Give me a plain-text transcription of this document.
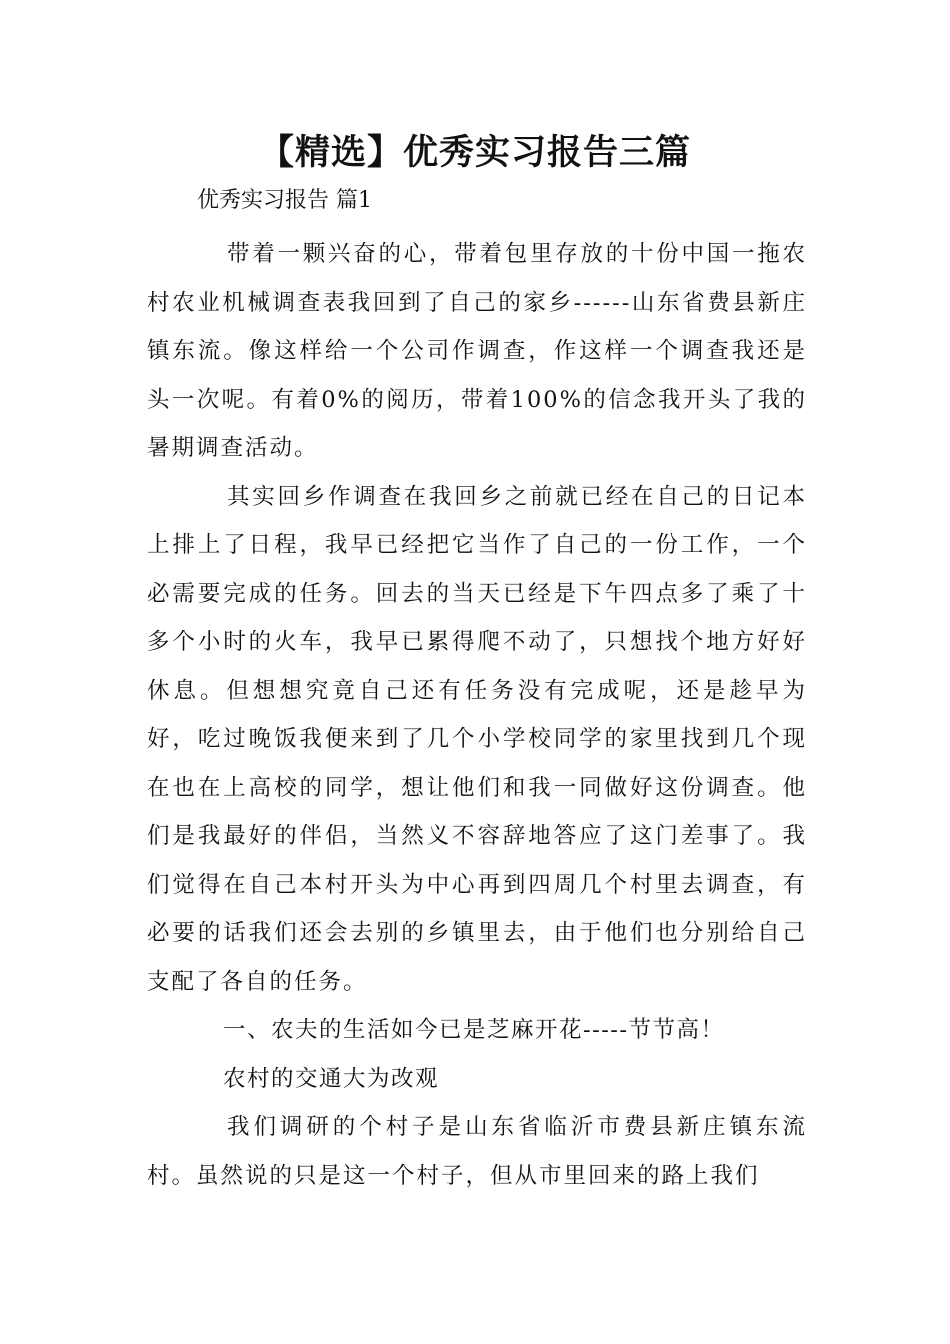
【精选】优秀实习报告三篇

优秀实习报告 篇1

带着一颗兴奋的心，带着包里存放的十份中国一拖农村农业机械调查表我回到了自己的家乡------山东省费县新庄镇东流。像这样给一个公司作调查，作这样一个调查我还是头一次呢。有着0%的阅历，带着100%的信念我开头了我的暑期调查活动。

其实回乡作调查在我回乡之前就已经在自己的日记本上排上了日程，我早已经把它当作了自己的一份工作，一个必需要完成的任务。回去的当天已经是下午四点多了乘了十多个小时的火车，我早已累得爬不动了，只想找个地方好好休息。但想想究竟自己还有任务没有完成呢，还是趁早为好，吃过晚饭我便来到了几个小学校同学的家里找到几个现在也在上高校的同学，想让他们和我一同做好这份调查。他们是我最好的伴侣，当然义不容辞地答应了这门差事了。我们觉得在自己本村开头为中心再到四周几个村里去调查，有必要的话我们还会去别的乡镇里去，由于他们也分别给自己支配了各自的任务。

一、农夫的生活如今已是芝麻开花-----节节高！

农村的交通大为改观

我们调研的个村子是山东省临沂市费县新庄镇东流村。虽然说的只是这一个村子，但从市里回来的路上我们
